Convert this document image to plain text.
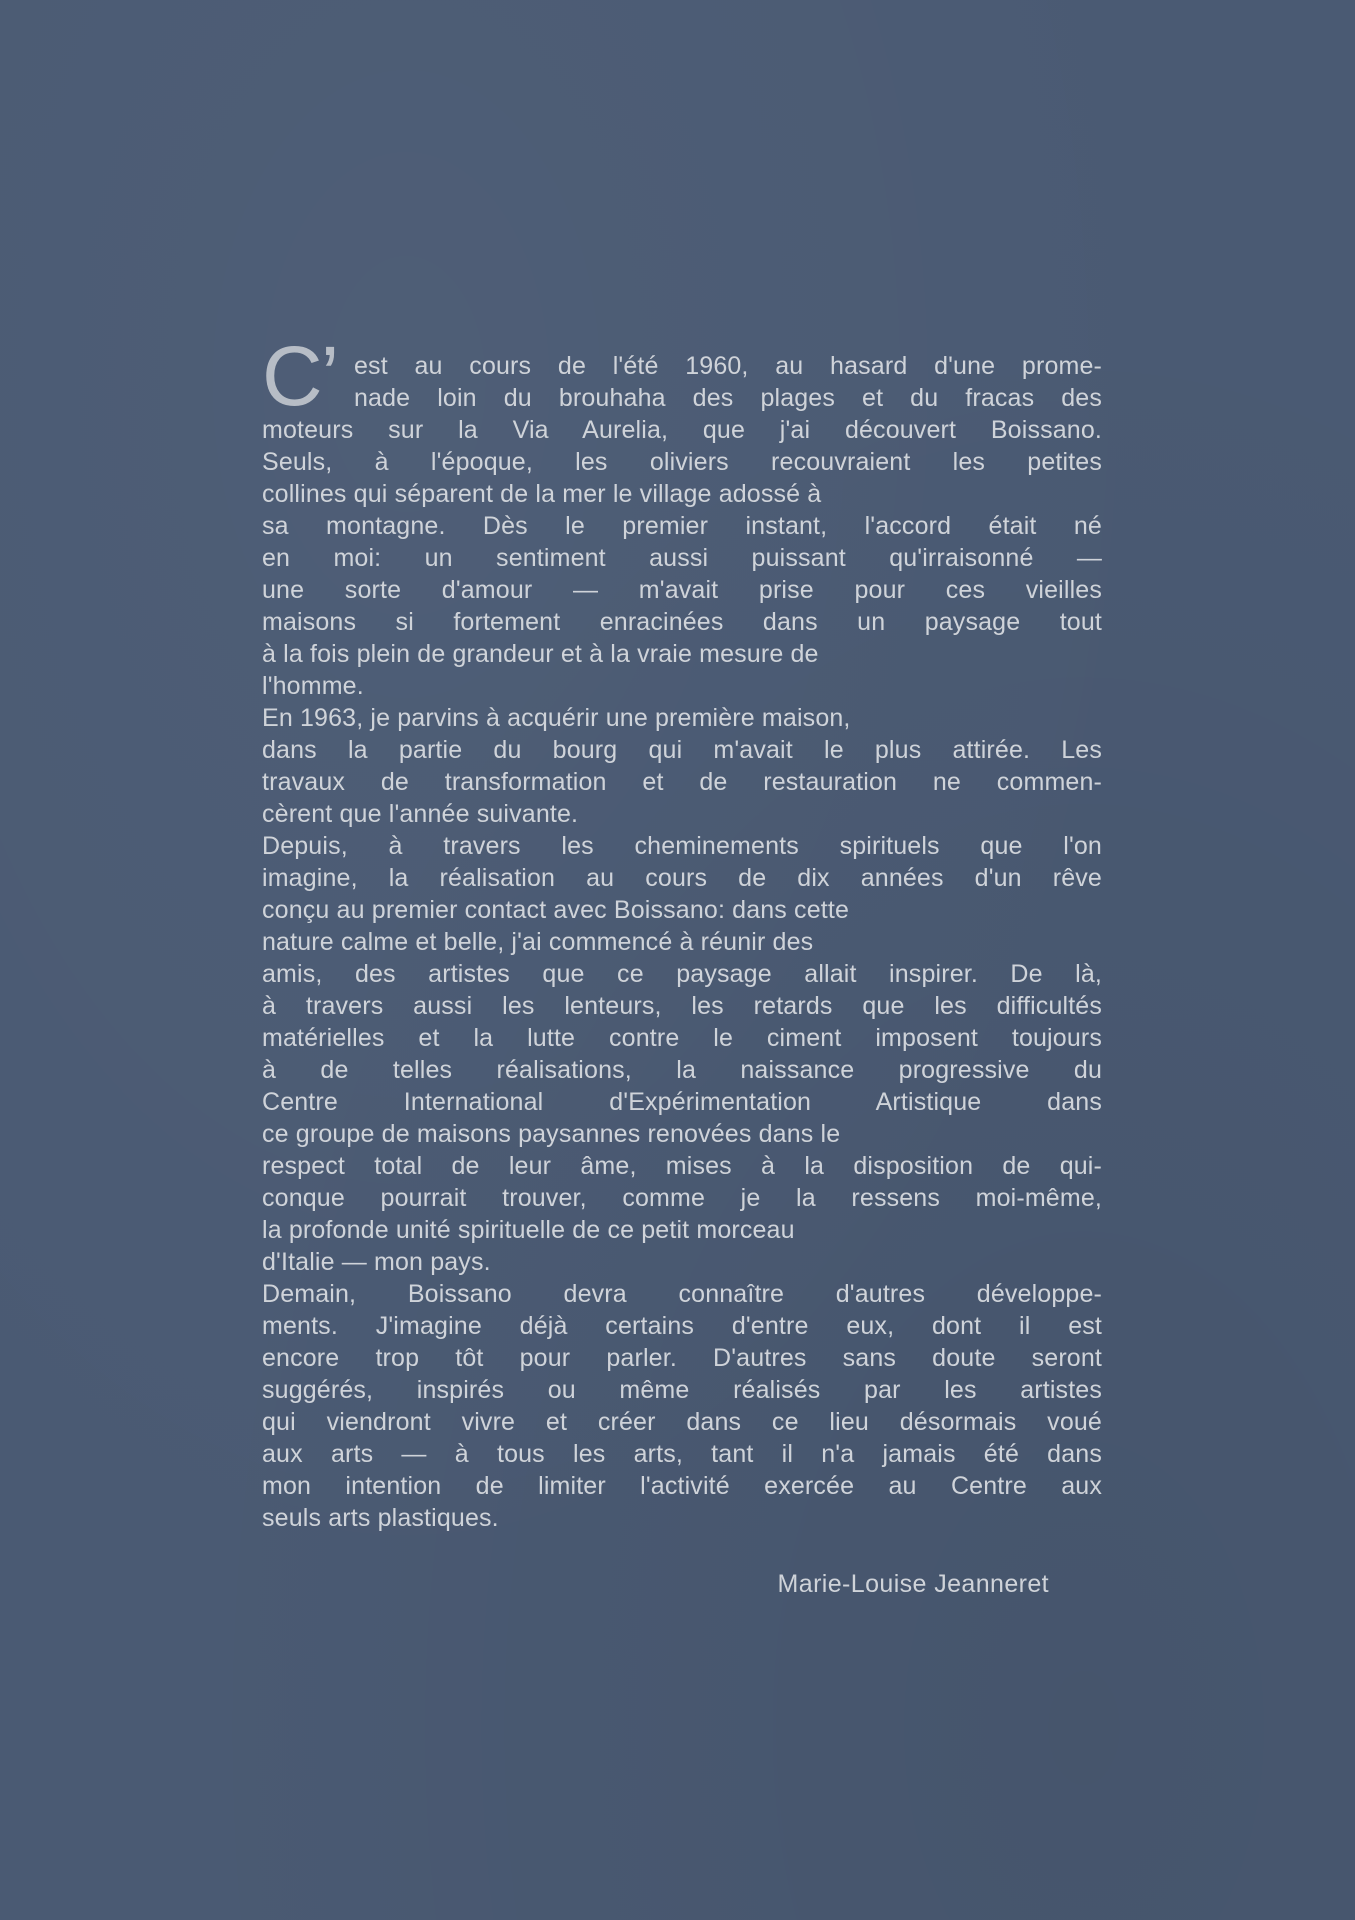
C’ est au cours de l'été 1960, au hasard d'une prome-
nade loin du brouhaha des plages et du fracas des
moteurs sur la Via Aurelia, que j'ai découvert Boissano.
Seuls, à l'époque, les oliviers recouvraient les petites
collines qui séparent de la mer le village adossé à
sa montagne. Dès le premier instant, l'accord était né
en moi: un sentiment aussi puissant qu'irraisonné —
une sorte d'amour — m'avait prise pour ces vieilles
maisons si fortement enracinées dans un paysage tout
à la fois plein de grandeur et à la vraie mesure de
l'homme.
En 1963, je parvins à acquérir une première maison,
dans la partie du bourg qui m'avait le plus attirée. Les
travaux de transformation et de restauration ne commen-
cèrent que l'année suivante.
Depuis, à travers les cheminements spirituels que l'on
imagine, la réalisation au cours de dix années d'un rêve
conçu au premier contact avec Boissano: dans cette
nature calme et belle, j'ai commencé à réunir des
amis, des artistes que ce paysage allait inspirer. De là,
à travers aussi les lenteurs, les retards que les difficultés
matérielles et la lutte contre le ciment imposent toujours
à de telles réalisations, la naissance progressive du
Centre International d'Expérimentation Artistique dans
ce groupe de maisons paysannes renovées dans le
respect total de leur âme, mises à la disposition de qui-
conque pourrait trouver, comme je la ressens moi-même,
la profonde unité spirituelle de ce petit morceau
d'Italie — mon pays.
Demain, Boissano devra connaître d'autres développe-
ments. J'imagine déjà certains d'entre eux, dont il est
encore trop tôt pour parler. D'autres sans doute seront
suggérés, inspirés ou même réalisés par les artistes
qui viendront vivre et créer dans ce lieu désormais voué
aux arts — à tous les arts, tant il n'a jamais été dans
mon intention de limiter l'activité exercée au Centre aux
seuls arts plastiques.
Marie-Louise Jeanneret
